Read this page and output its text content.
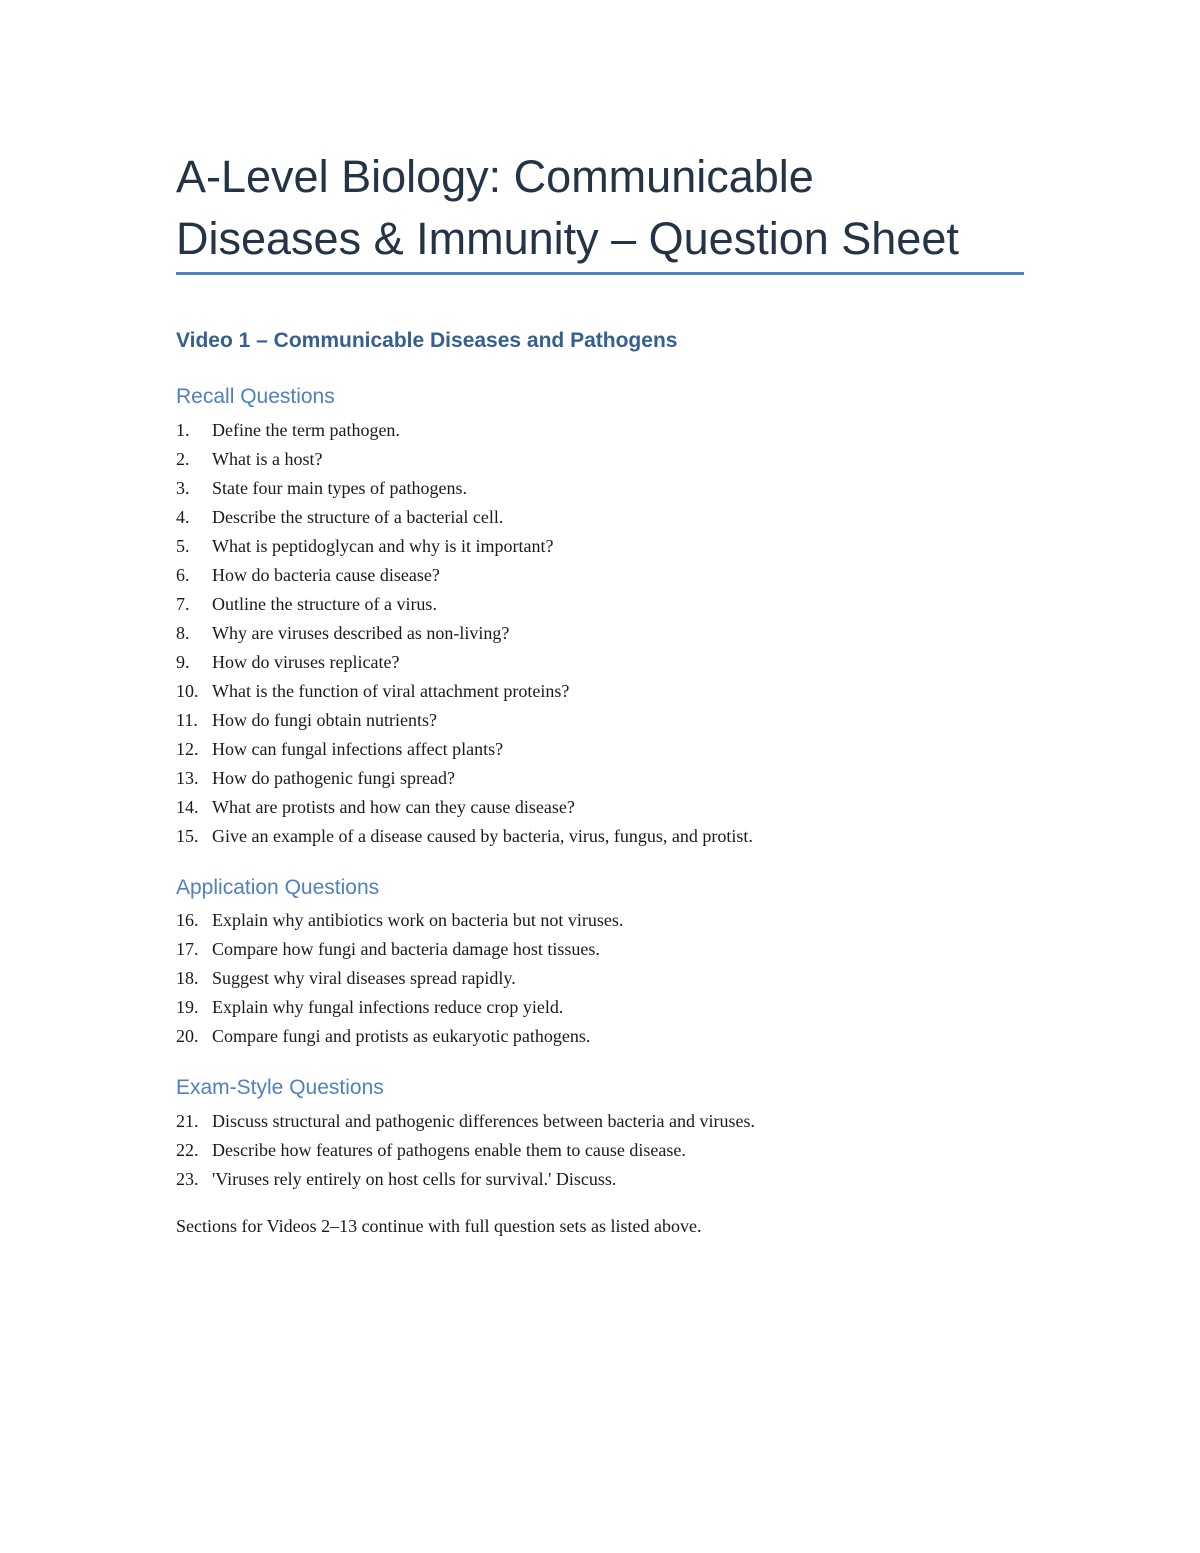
A-Level Biology: Communicable
Diseases & Immunity – Question Sheet
Video 1 – Communicable Diseases and Pathogens
Recall Questions
1.	Define the term pathogen.
2.	What is a host?
3.	State four main types of pathogens.
4.	Describe the structure of a bacterial cell.
5.	What is peptidoglycan and why is it important?
6.	How do bacteria cause disease?
7.	Outline the structure of a virus.
8.	Why are viruses described as non-living?
9.	How do viruses replicate?
10. What is the function of viral attachment proteins?
11. How do fungi obtain nutrients?
12. How can fungal infections affect plants?
13. How do pathogenic fungi spread?
14. What are protists and how can they cause disease?
15. Give an example of a disease caused by bacteria, virus, fungus, and protist.
Application Questions
16. Explain why antibiotics work on bacteria but not viruses.
17. Compare how fungi and bacteria damage host tissues.
18. Suggest why viral diseases spread rapidly.
19. Explain why fungal infections reduce crop yield.
20. Compare fungi and protists as eukaryotic pathogens.
Exam-Style Questions
21. Discuss structural and pathogenic differences between bacteria and viruses.
22. Describe how features of pathogens enable them to cause disease.
23. 'Viruses rely entirely on host cells for survival.' Discuss.

Sections for Videos 2–13 continue with full question sets as listed above.
